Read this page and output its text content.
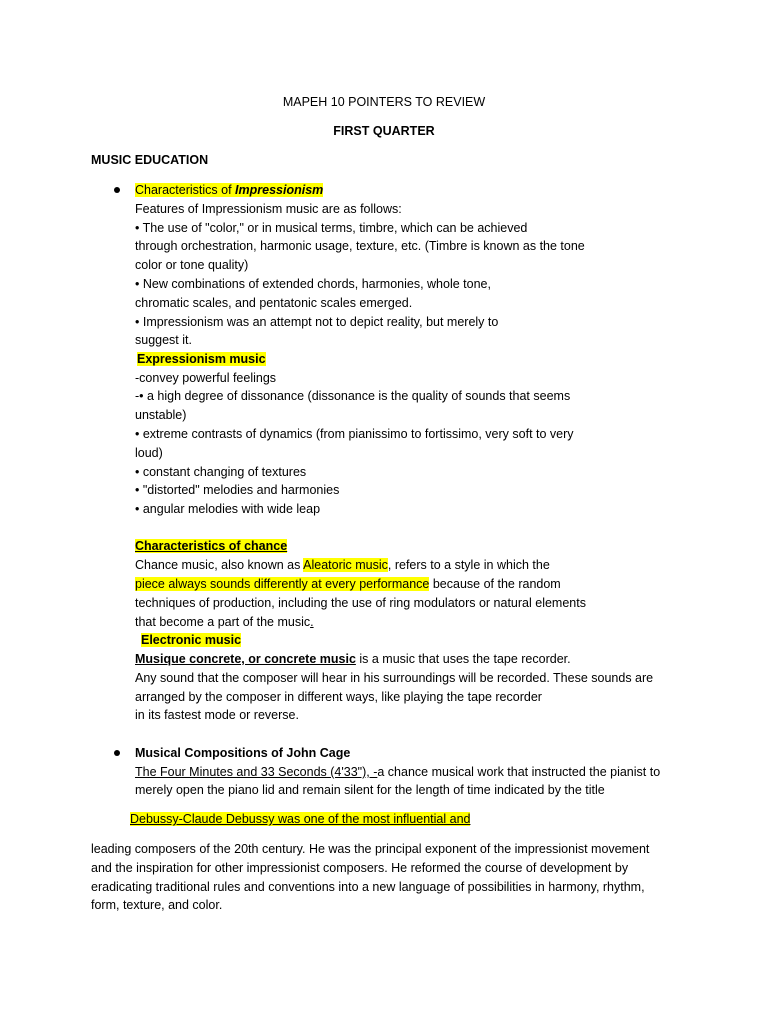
MAPEH 10 POINTERS TO REVIEW
FIRST QUARTER
MUSIC EDUCATION
Characteristics of Impressionism
Features of Impressionism music are as follows:
• The use of "color," or in musical terms, timbre, which can be achieved
through orchestration, harmonic usage, texture, etc. (Timbre is known as the tone
color or tone quality)
• New combinations of extended chords, harmonies, whole tone,
chromatic scales, and pentatonic scales emerged.
• Impressionism was an attempt not to depict reality, but merely to
suggest it.
Expressionism music
-convey powerful feelings
-• a high degree of dissonance (dissonance is the quality of sounds that seems
unstable)
• extreme contrasts of dynamics (from pianissimo to fortissimo, very soft to very
loud)
• constant changing of textures
• "distorted" melodies and harmonies
• angular melodies with wide leap
Characteristics of chance
Chance music, also known as Aleatoric music, refers to a style in which the
piece always sounds differently at every performance because of the random
techniques of production, including the use of ring modulators or natural elements
that become a part of the music.
Electronic music
Musique concrete, or concrete music is a music that uses the tape recorder.
Any sound that the composer will hear in his surroundings will be recorded. These sounds are
arranged by the composer in different ways, like playing the tape recorder
in its fastest mode or reverse.
Musical Compositions of John Cage
The Four Minutes and 33 Seconds (4'33"), -a chance musical work that instructed the pianist to
merely open the piano lid and remain silent for the length of time indicated by the title
Debussy-Claude Debussy was one of the most influential and
leading composers of the 20th century. He was the principal exponent of the impressionist movement
and the inspiration for other impressionist composers. He reformed the course of development by
eradicating traditional rules and conventions into a new language of possibilities in harmony, rhythm,
form, texture, and color.
